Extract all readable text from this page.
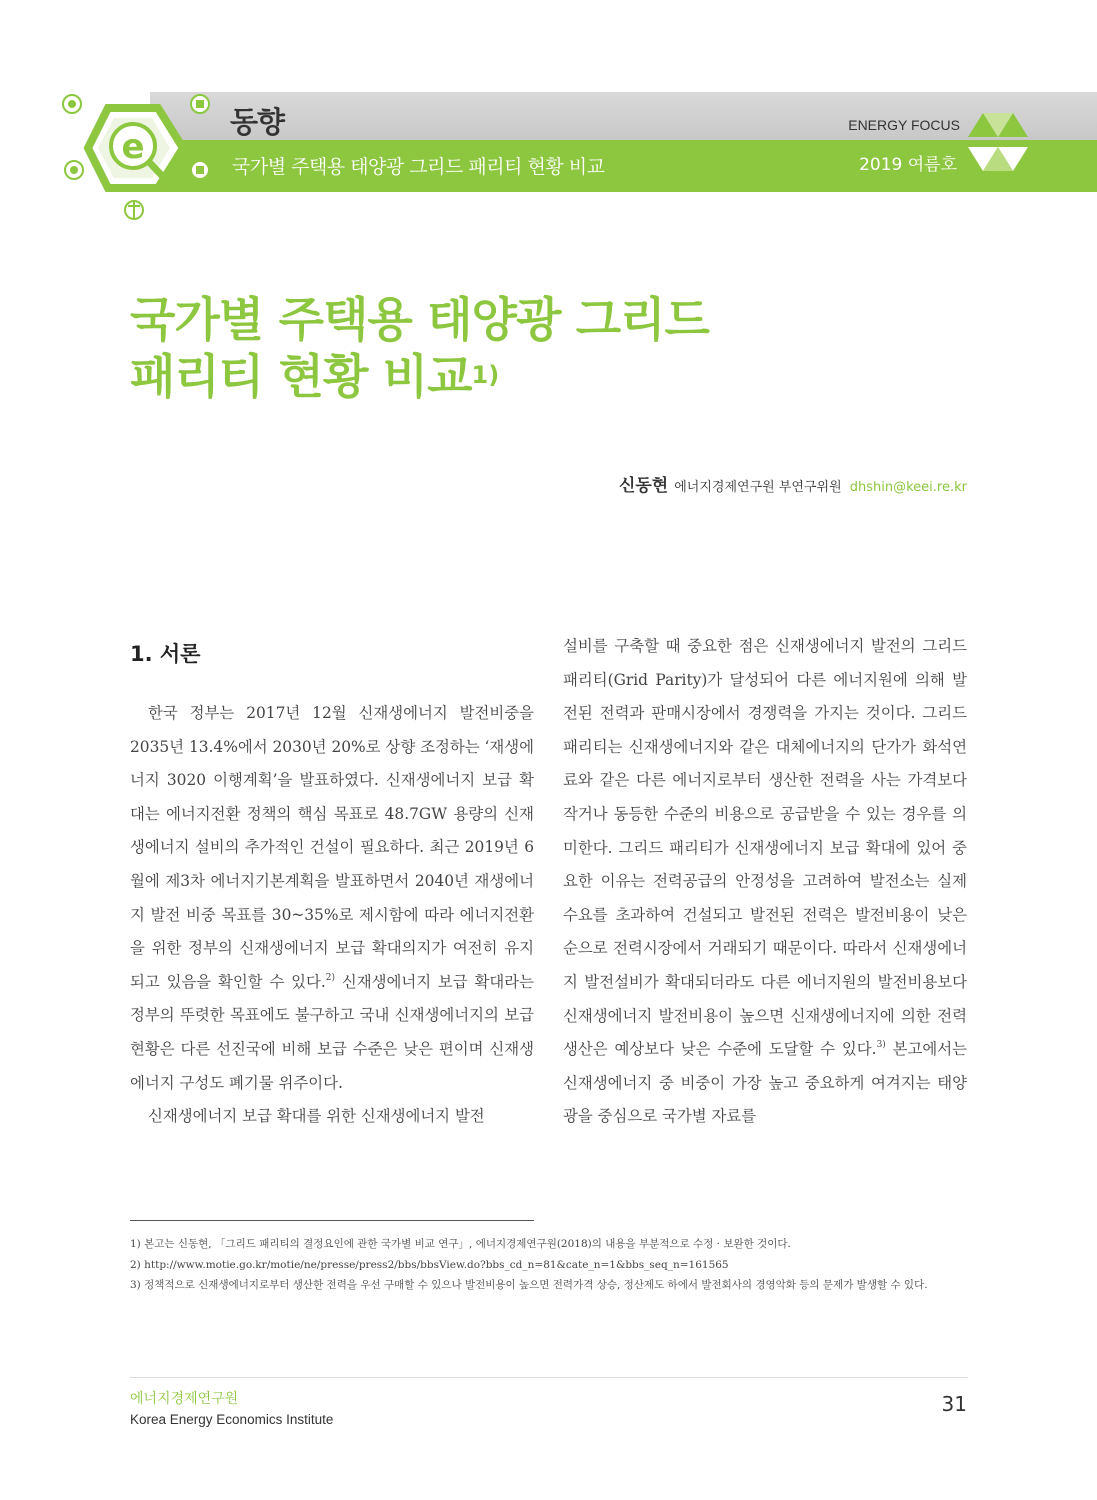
e
동향
국가별 주택용 태양광 그리드 패리티 현황 비교
ENERGY FOCUS
2019 여름호
국가별 주택용 태양광 그리드
패리티 현황 비교$^{1)}$
신동현 에너지경제연구원 부연구위원 dhshin@keei.re.kr
1. 서론

한국 정부는 2017년 12월 신재생에너지 발전비중을 2035년 13.4%에서 2030년 20%로 상향 조정하는 ‘재생에너지 3020 이행계획’을 발표하였다. 신재생에너지 보급 확대는 에너지전환 정책의 핵심 목표로 48.7GW 용량의 신재생에너지 설비의 추가적인 건설이 필요하다. 최근 2019년 6월에 제3차 에너지기본계획을 발표하면서 2040년 재생에너지 발전 비중 목표를 30~35%로 제시함에 따라 에너지전환을 위한 정부의 신재생에너지 보급 확대의지가 여전히 유지되고 있음을 확인할 수 있다.$^{2)}$ 신재생에너지 보급 확대라는 정부의 뚜렷한 목표에도 불구하고 국내 신재생에너지의 보급 현황은 다른 선진국에 비해 보급 수준은 낮은 편이며 신재생에너지 구성도 폐기물 위주이다.

신재생에너지 보급 확대를 위한 신재생에너지 발전

설비를 구축할 때 중요한 점은 신재생에너지 발전의 그리드 패리티(Grid Parity)가 달성되어 다른 에너지원에 의해 발전된 전력과 판매시장에서 경쟁력을 가지는 것이다. 그리드 패리티는 신재생에너지와 같은 대체에너지의 단가가 화석연료와 같은 다른 에너지로부터 생산한 전력을 사는 가격보다 작거나 동등한 수준의 비용으로 공급받을 수 있는 경우를 의미한다. 그리드 패리티가 신재생에너지 보급 확대에 있어 중요한 이유는 전력공급의 안정성을 고려하여 발전소는 실제 수요를 초과하여 건설되고 발전된 전력은 발전비용이 낮은 순으로 전력시장에서 거래되기 때문이다. 따라서 신재생에너지 발전설비가 확대되더라도 다른 에너지원의 발전비용보다 신재생에너지 발전비용이 높으면 신재생에너지에 의한 전력생산은 예상보다 낮은 수준에 도달할 수 있다.$^{3)}$ 본고에서는 신재생에너지 중 비중이 가장 높고 중요하게 여겨지는 태양광을 중심으로 국가별 자료를

1) 본고는 신동현, 「그리드 패리티의 결정요인에 관한 국가별 비교 연구」, 에너지경제연구원(2018)의 내용을 부분적으로 수정 · 보완한 것이다.
2) http://www.motie.go.kr/motie/ne/presse/press2/bbs/bbsView.do?bbs_cd_n=81&cate_n=1&bbs_seq_n=161565
3) 정책적으로 신재생에너지로부터 생산한 전력을 우선 구매할 수 있으나 발전비용이 높으면 전력가격 상승, 정산제도 하에서 발전회사의 경영악화 등의 문제가 발생할 수 있다.
에너지경제연구원
Korea Energy Economics Institute
31
